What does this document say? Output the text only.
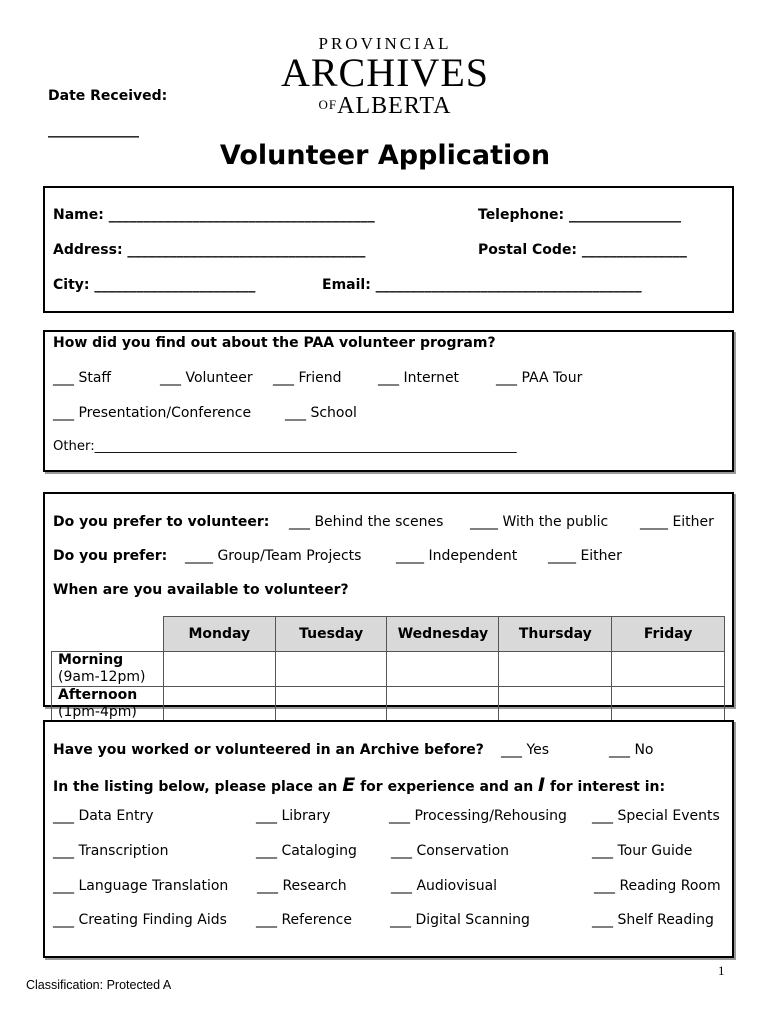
Date Received:
_____________
PROVINCIAL
ARCHIVES
OFALBERTA
Volunteer Application
Name: ______________________________________	Telephone: ________________
Address: __________________________________	Postal Code: _______________
City: _______________________	Email: ______________________________________
How did you find out about the PAA volunteer program?
___ Staff	___ Volunteer ___ Friend	___ Internet	___ PAA Tour
___ Presentation/Conference ___ School
Other:________________________________________________________________
Do you prefer to volunteer: ___ Behind the scenes ____ With the public ____ Either
Do you prefer: ____ Group/Team Projects ____ Independent ____ Either
When are you available to volunteer?
	Monday	Tuesday	Wednesday	Thursday	Friday

Morning
(9am-12pm)					

Afternoon
(1pm-4pm)					

Have you worked or volunteered in an Archive before? ___ Yes	___ No
In the listing below, please place an E for experience and an I for interest in:
___ Data Entry	___ Library	___ Processing/Rehousing ___ Special Events
___ Transcription	___ Cataloging ___ Conservation	___ Tour Guide
___ Language Translation ___ Research	___ Audiovisual	___ Reading Room
___ Creating Finding Aids ___ Reference	___ Digital Scanning	___ Shelf Reading
1
Classification: Protected A
